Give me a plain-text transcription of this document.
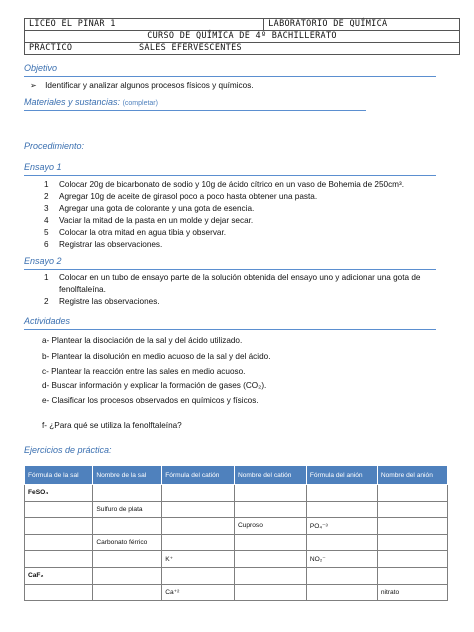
LICEO EL PINAR 1	LABORATORIO DE QUÍMICA
CURSO DE QUÍMICA DE 4º BACHILLERATO
PRACTICO	SALES EFERVESCENTES
Objetivo
➢ Identificar y analizar algunos procesos físicos y químicos.
Materiales y sustancias: (completar)
Procedimiento:
Ensayo 1
1	Colocar 20g de bicarbonato de sodio y 10g de ácido cítrico en un vaso de Bohemia de 250cm³.
2	Agregar 10g de aceite de girasol poco a poco hasta obtener una pasta.
3	Agregar una gota de colorante y una gota de esencia.
4	Vaciar la mitad de la pasta en un molde y dejar secar.
5	Colocar la otra mitad en agua tibia y observar.
6	Registrar las observaciones.
Ensayo 2
1	Colocar en un tubo de ensayo parte de la solución obtenida del ensayo uno y adicionar una gota de
fenolftaleína.
2	Registre las observaciones.
Actividades
a- Plantear la disociación de la sal y del ácido utilizado.
b- Plantear la disolución en medio acuoso de la sal y del ácido.
c- Plantear la reacción entre las sales en medio acuoso.
d- Buscar información y explicar la formación de gases (CO₂).
e- Clasificar los procesos observados en químicos y físicos.
f- ¿Para qué se utiliza la fenolftaleína?
Ejercicios de práctica:
Fórmula de la sal	Nombre de la sal	Fórmula del catión	Nombre del catión	Fórmula del anión	Nombre del anión
FeSO₄					
	Sulfuro de plata				
			Cuproso	PO₄⁻³	
	Carbonato férrico				
		K⁺		NO₂⁻	
CaF₂					
		Ca⁺²			nitrato
